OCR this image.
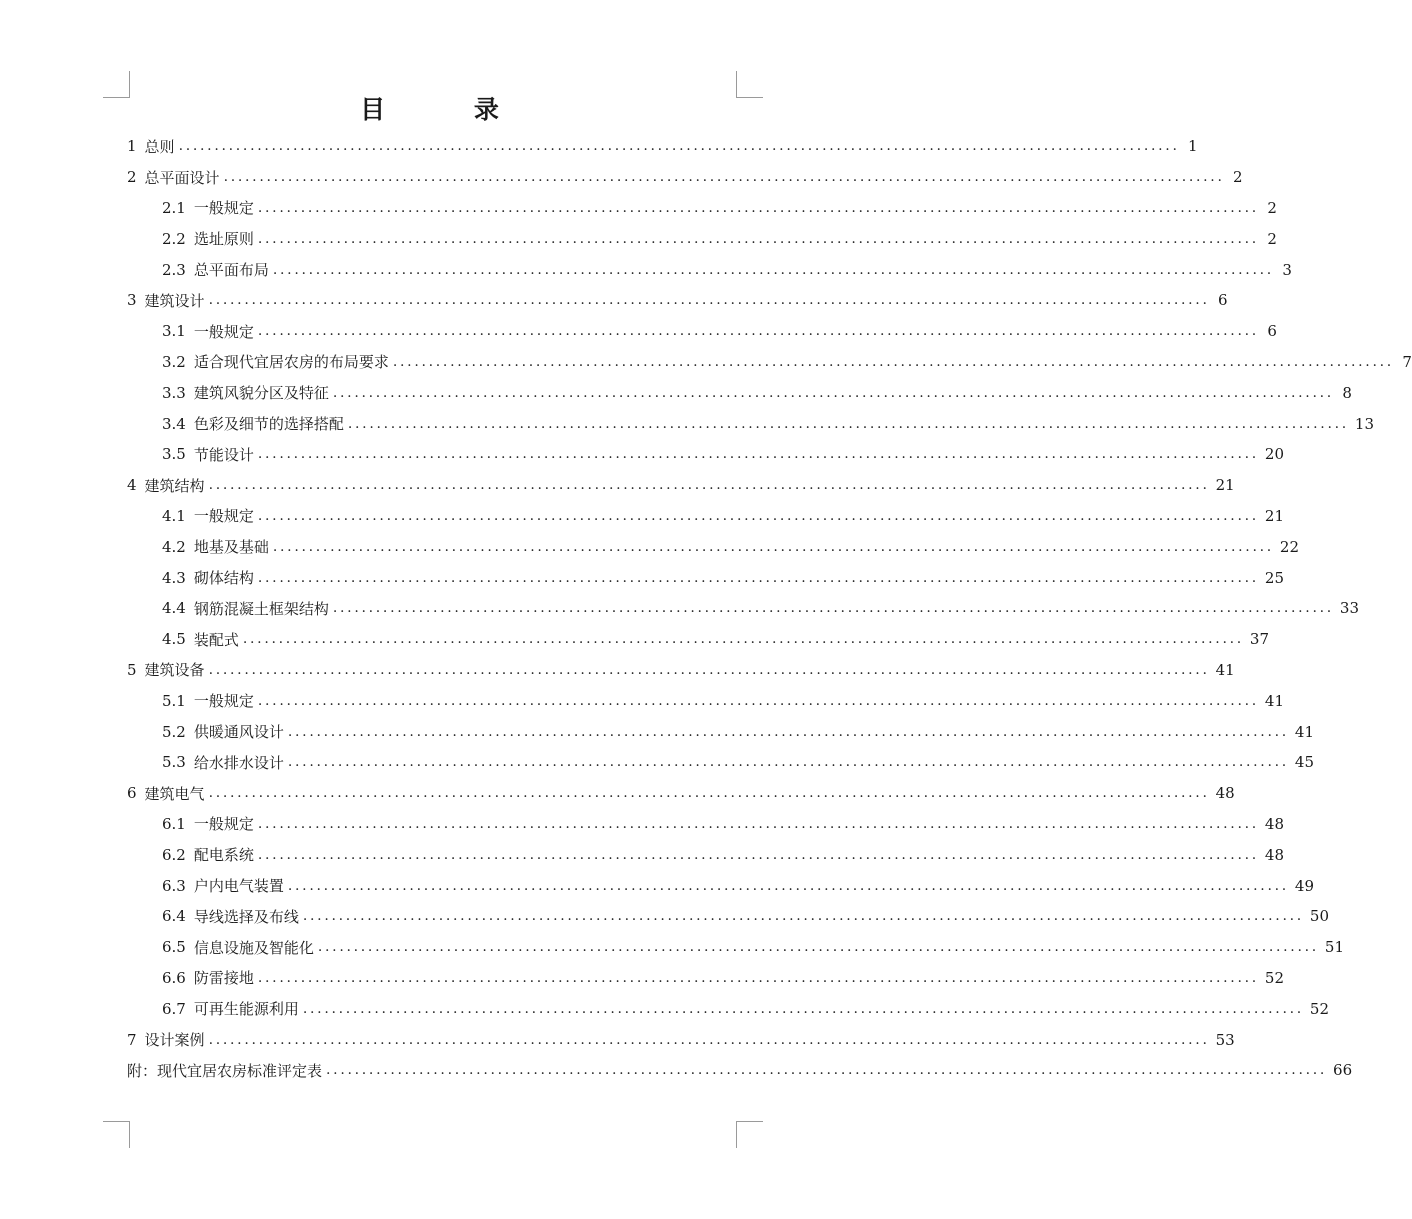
目 录
1 总则 ............................................................................................................................................ 1
2 总平面设计 ............................................................................................................................................ 2
2.1 一般规定 ............................................................................................................................................ 2
2.2 选址原则 ............................................................................................................................................ 2
2.3 总平面布局 ............................................................................................................................................ 3
3 建筑设计 ............................................................................................................................................ 6
3.1 一般规定 ............................................................................................................................................ 6
3.2 适合现代宜居农房的布局要求 ............................................................................................................................................ 7
3.3 建筑风貌分区及特征 ............................................................................................................................................ 8
3.4 色彩及细节的选择搭配 ............................................................................................................................................ 13
3.5 节能设计 ............................................................................................................................................ 20
4 建筑结构 ............................................................................................................................................ 21
4.1 一般规定 ............................................................................................................................................ 21
4.2 地基及基础 ............................................................................................................................................ 22
4.3 砌体结构 ............................................................................................................................................ 25
4.4 钢筋混凝土框架结构 ............................................................................................................................................ 33
4.5 装配式 ............................................................................................................................................ 37
5 建筑设备 ............................................................................................................................................ 41
5.1 一般规定 ............................................................................................................................................ 41
5.2 供暖通风设计 ............................................................................................................................................ 41
5.3 给水排水设计 ............................................................................................................................................ 45
6 建筑电气 ............................................................................................................................................ 48
6.1 一般规定 ............................................................................................................................................ 48
6.2 配电系统 ............................................................................................................................................ 48
6.3 户内电气装置 ............................................................................................................................................ 49
6.4 导线选择及布线 ............................................................................................................................................ 50
6.5 信息设施及智能化 ............................................................................................................................................ 51
6.6 防雷接地 ............................................................................................................................................ 52
6.7 可再生能源利用 ............................................................................................................................................ 52
7 设计案例 ............................................................................................................................................ 53
附：现代宜居农房标准评定表 ............................................................................................................................................ 66
